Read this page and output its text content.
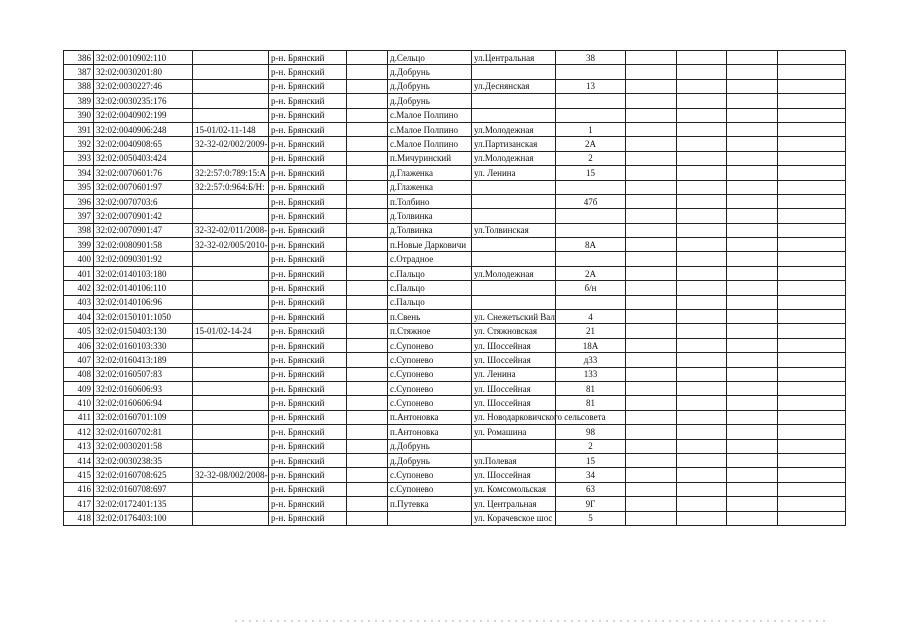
386	32:02:0010902:110		р-н. Брянский		д.Сельцо	ул.Центральная	38				
387	32:02:0030201:80		р-н. Брянский		д.Добрунь						
388	32:02:0030227:46		р-н. Брянский		д.Добрунь	ул.Деснянская	13				
389	32:02:0030235:176		р-н. Брянский		д.Добрунь						
390	32:02:0040902:199		р-н. Брянский		с.Малое Полпино						
391	32:02:0040906:248	15-01/02-11-148	р-н. Брянский		с.Малое Полпино	ул.Молодежная	1				
392	32:02:0040908:65	32-32-02/002/2009-	р-н. Брянский		с.Малое Полпино	ул.Партизанская	2А				
393	32:02:0050403:424		р-н. Брянский		п.Мичуринский	ул.Молодежная	2				
394	32:02:0070601:76	32:2:57:0:789:15:А	р-н. Брянский		д.Глаженка	ул. Ленина	15				
395	32:02:0070601:97	32:2:57:0:964:Б/Н:	р-н. Брянский		д.Глаженка						
396	32:02:0070703:6		р-н. Брянский		п.Толбино		47б				
397	32:02:0070901:42		р-н. Брянский		д.Толвинка						
398	32:02:0070901:47	32-32-02/011/2008-	р-н. Брянский		д.Толвинка	ул.Толвинская					
399	32:02:0080901:58	32-32-02/005/2010-	р-н. Брянский		п.Новые Дарковичи		8А				
400	32:02:0090301:92		р-н. Брянский		с.Отрадное						
401	32:02:0140103:180		р-н. Брянский		с.Пальцо	ул.Молодежная	2А				
402	32:02:0140106:110		р-н. Брянский		с.Пальцо		б/н				
403	32:02:0140106:96		р-н. Брянский		с.Пальцо						
404	32:02:0150101:1050		р-н. Брянский		п.Свень	ул. Снежетьский Вал	4				
405	32:02:0150403:130	15-01/02-14-24	р-н. Брянский		п.Стяжное	ул. Стяжновская	21				
406	32:02:0160103:330		р-н. Брянский		с.Супонево	ул. Шоссейная	18А				
407	32:02:0160413:189		р-н. Брянский		с.Супонево	ул. Шоссейная	д33				
408	32:02:0160507:83		р-н. Брянский		с.Супонево	ул. Ленина	133				
409	32:02:0160606:93		р-н. Брянский		с.Супонево	ул. Шоссейная	81				
410	32:02:0160606:94		р-н. Брянский		с.Супонево	ул. Шоссейная	81				
411	32:02:0160701:109		р-н. Брянский		п.Антоновка	ул. Новодарковичского сельсовета					
412	32:02:0160702:81		р-н. Брянский		п.Антоновка	ул. Ромашина	98				
413	32:02:0030201:58		р-н. Брянский		д.Добрунь		2				
414	32:02:0030238:35		р-н. Брянский		д.Добрунь	ул.Полевая	15				
415	32:02:0160708:625	32-32-08/002/2008-	р-н. Брянский		с.Супонево	ул. Шоссейная	34				
416	32:02:0160708:697		р-н. Брянский		с.Супонево	ул. Комсомольская	63				
417	32:02:0172401:135		р-н. Брянский		п.Путевка	ул. Центральная	9Г				
418	32:02:0176403:100		р-н. Брянский			ул. Корачевское шос	5				
